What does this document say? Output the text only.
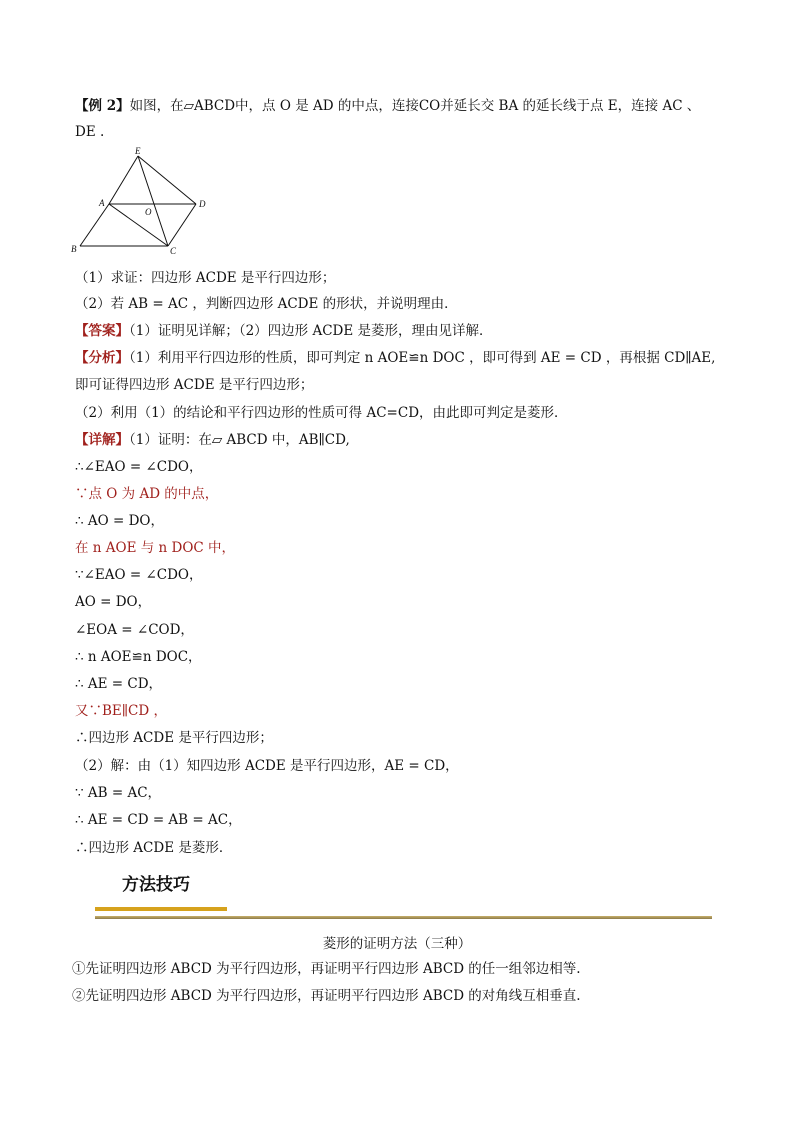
【例 2】如图，在▱ABCD中，点 O 是 AD 的中点，连接CO并延长交 BA 的延长线于点 E，连接 AC 、
DE .
E
A
O
D
B	C
（1）求证：四边形 ACDE 是平行四边形；
（2）若 AB = AC ，判断四边形 ACDE 的形状，并说明理由．
【答案】（1）证明见详解；（2）四边形 ACDE 是菱形，理由见详解．
【分析】（1）利用平行四边形的性质，即可判定 n AOE≌n DOC ，即可得到 AE = CD ，再根据 CD∥AE,
即可证得四边形 ACDE 是平行四边形；
（2）利用（1）的结论和平行四边形的性质可得 AC=CD，由此即可判定是菱形．
【详解】（1）证明：在▱ ABCD 中，AB∥CD,
∴∠EAO = ∠CDO，
∵点 O 为 AD 的中点，
∴ AO = DO，
在 n AOE 与 n DOC 中，
∵∠EAO = ∠CDO，
AO = DO，
∠EOA = ∠COD，
∴ n AOE≌n DOC，
∴ AE = CD，
又∵BE∥CD ，
∴四边形 ACDE 是平行四边形；
（2）解：由（1）知四边形 ACDE 是平行四边形，AE = CD，
∵ AB = AC，
∴ AE = CD = AB = AC，
∴四边形 ACDE 是菱形．
方法技巧
菱形的证明方法（三种）
①先证明四边形 ABCD 为平行四边形，再证明平行四边形 ABCD 的任一组邻边相等.
②先证明四边形 ABCD 为平行四边形，再证明平行四边形 ABCD 的对角线互相垂直.
